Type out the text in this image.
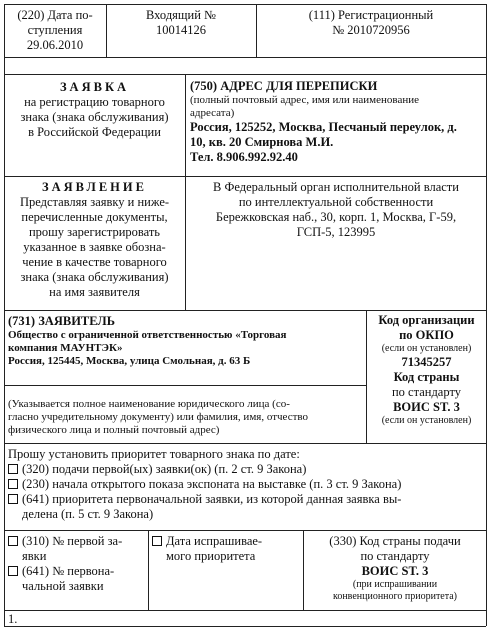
(220) Дата по-
ступления
29.06.2010
Входящий №
10014126
(111) Регистрационный
№ 2010720956
ЗАЯВКА
на регистрацию товарного
знака (знака обслуживания)
в Российской Федерации
(750) АДРЕС ДЛЯ ПЕРЕПИСКИ
(полный почтовый адрес, имя или наименование
адресата)
Россия, 125252, Москва, Песчаный переулок, д.
10, кв. 20 Смирнова М.И.
Тел. 8.906.992.92.40
ЗАЯВЛЕНИЕ
Представляя заявку и ниже-
перечисленные документы,
прошу зарегистрировать
указанное в заявке обозна-
чение в качестве товарного
знака (знака обслуживания)
на имя заявителя
В Федеральный орган исполнительной власти
по интеллектуальной собственности
Бережковская наб., 30, корп. 1, Москва, Г-59,
ГСП-5, 123995
(731) ЗАЯВИТЕЛЬ
Общество с ограниченной ответственностью «Торговая
компания МАУНТЭК»
Россия, 125445, Москва, улица Смольная, д. 63 Б
(Указывается полное наименование юридического лица (со-
гласно учредительному документу) или фамилия, имя, отчество
физического лица и полный почтовый адрес)
Код организации
по ОКПО
(если он установлен)
71345257
Код страны
по стандарту
ВОИС ST. 3
(если он установлен)
Прошу установить приоритет товарного знака по дате:
(320) подачи первой(ых) заявки(ок) (п. 2 ст. 9 Закона)
(230) начала открытого показа экспоната на выставке (п. 3 ст. 9 Закона)
(641) приоритета первоначальной заявки, из которой данная заявка вы-
делена (п. 5 ст. 9 Закона)
(310) № первой за-
явки
(641) № первона-
чальной заявки
Дата испрашивае-
мого приоритета
(330) Код страны подачи
по стандарту
ВОИС ST. 3
(при испрашивании
конвенционного приоритета)
1.
